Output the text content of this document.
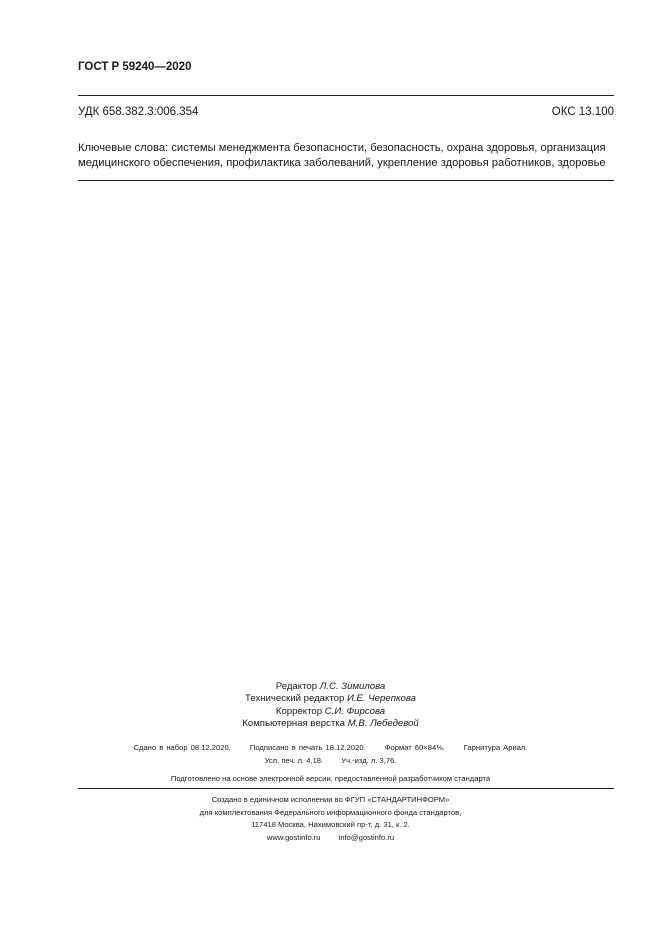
ГОСТ Р 59240—2020
УДК 658.382.3:006.354	ОКС 13.100
Ключевые слова: системы менеджмента безопасности, безопасность, охрана здоровья, организация медицинского обеспечения, профилактика заболеваний, укрепление здоровья работников, здоровье
Редактор Л.С. Зимилова
Технический редактор И.Е. Черепкова
Корректор С.И. Фирсова
Компьютерная верстка М.В. Лебедевой
Сдано в набор 08.12.2020.	Подписано в печать 18.12.2020.	Формат 60×84⅛.	Гарнитура Ариал.
Усл. печ. л. 4,18. Уч.-изд. л. 3,76.
Подготовлено на основе электронной версии, предоставленной разработчиком стандарта
Создано в единичном исполнении во ФГУП «СТАНДАРТИНФОРМ»
для комплектования Федерального информационного фонда стандартов,
117418 Москва, Нахимовский пр-т, д. 31, к. 2.
www.gostinfo.ru info@gostinfo.ru
